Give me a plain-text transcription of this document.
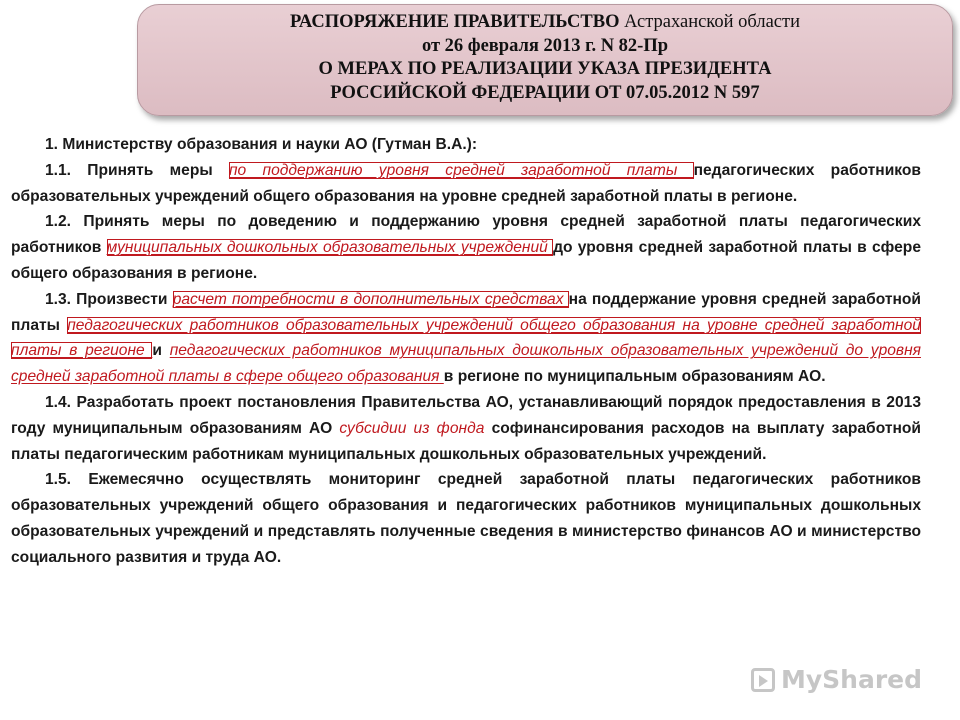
РАСПОРЯЖЕНИЕ ПРАВИТЕЛЬСТВО Астраханской области
от 26 февраля 2013 г. N 82-Пр
О МЕРАХ ПО РЕАЛИЗАЦИИ УКАЗА ПРЕЗИДЕНТА
РОССИЙСКОЙ ФЕДЕРАЦИИ ОТ 07.05.2012 N 597

1. Министерству образования и науки АО (Гутман В.А.):

1.1. Принять меры по поддержанию уровня средней заработной платы педагогических работников образовательных учреждений общего образования на уровне средней заработной платы в регионе.

1.2. Принять меры по доведению и поддержанию уровня средней заработной платы педагогических работников муниципальных дошкольных образовательных учреждений до уровня средней заработной платы в сфере общего образования в регионе.

1.3. Произвести расчет потребности в дополнительных средствах на поддержание уровня средней заработной платы педагогических работников образовательных учреждений общего образования на уровне средней заработной платы в регионе и педагогических работников муниципальных дошкольных образовательных учреждений до уровня средней заработной платы в сфере общего образования в регионе по муниципальным образованиям АО.

1.4. Разработать проект постановления Правительства АО, устанавливающий порядок предоставления в 2013 году муниципальным образованиям АО субсидии из фонда софинансирования расходов на выплату заработной платы педагогическим работникам муниципальных дошкольных образовательных учреждений.

1.5. Ежемесячно осуществлять мониторинг средней заработной платы педагогических работников образовательных учреждений общего образования и педагогических работников муниципальных дошкольных образовательных учреждений и представлять полученные сведения в министерство финансов АО и министерство социального развития и труда АО.

MyShared
